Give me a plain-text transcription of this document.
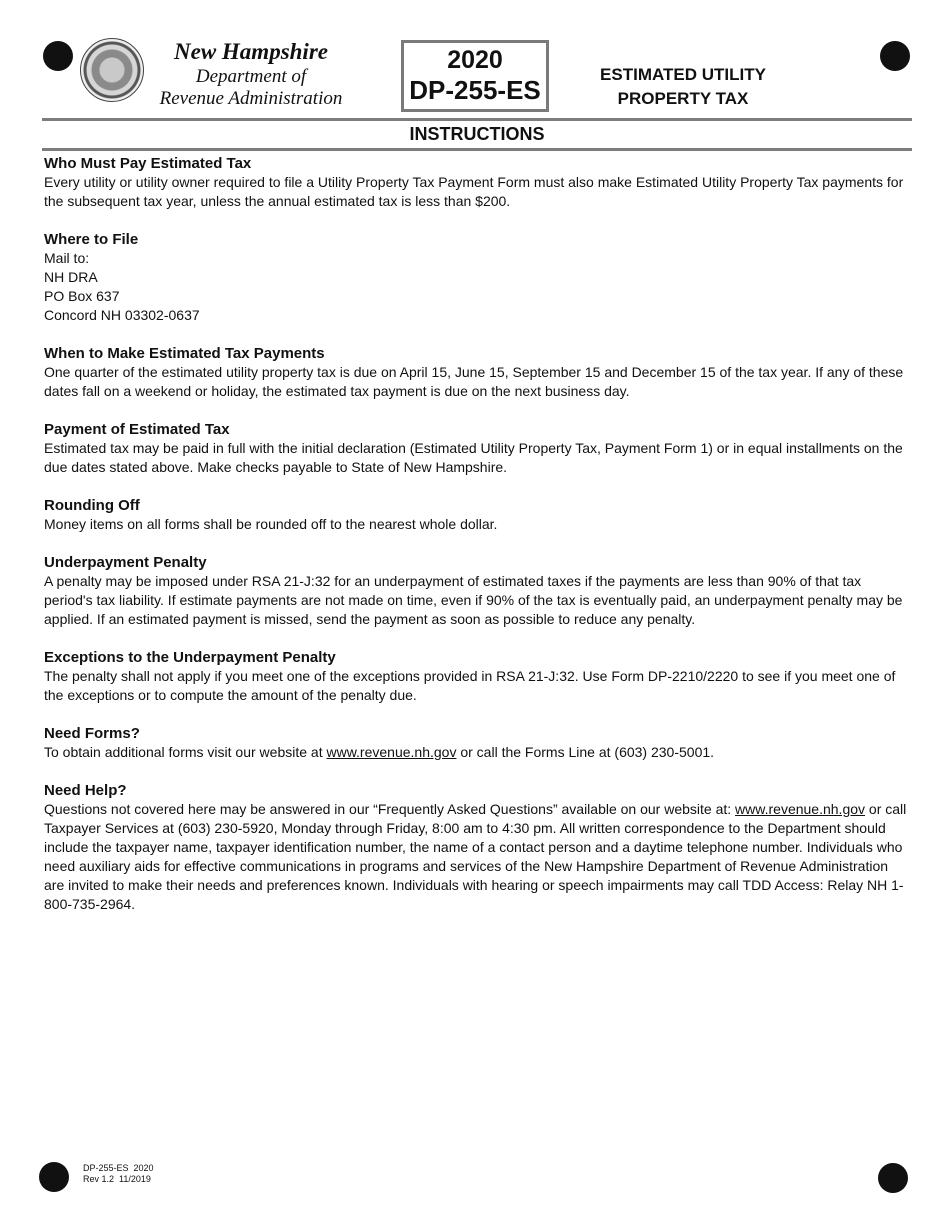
New Hampshire
Department of
Revenue Administration
2020
DP-255-ES
ESTIMATED UTILITY
PROPERTY TAX
INSTRUCTIONS
Who Must Pay Estimated Tax

Every utility or utility owner required to file a Utility Property Tax Payment Form must also make Estimated Utility Property Tax payments for the subsequent tax year, unless the annual estimated tax is less than $200.

Where to File

Mail to:

NH DRA

PO Box 637

Concord NH 03302-0637

When to Make Estimated Tax Payments

One quarter of the estimated utility property tax is due on April 15, June 15, September 15 and December 15 of the tax year. If any of these dates fall on a weekend or holiday, the estimated tax payment is due on the next business day.

Payment of Estimated Tax

Estimated tax may be paid in full with the initial declaration (Estimated Utility Property Tax, Payment Form 1) or in equal installments on the due dates stated above. Make checks payable to State of New Hampshire.

Rounding Off

Money items on all forms shall be rounded off to the nearest whole dollar.

Underpayment Penalty

A penalty may be imposed under RSA 21-J:32 for an underpayment of estimated taxes if the payments are less than 90% of that tax period's tax liability. If estimate payments are not made on time, even if 90% of the tax is eventually paid, an underpayment penalty may be applied. If an estimated payment is missed, send the payment as soon as possible to reduce any penalty.

Exceptions to the Underpayment Penalty

The penalty shall not apply if you meet one of the exceptions provided in RSA 21-J:32. Use Form DP-2210/2220 to see if you meet one of the exceptions or to compute the amount of the penalty due.

Need Forms?

To obtain additional forms visit our website at www.revenue.nh.gov or call the Forms Line at (603) 230-5001.

Need Help?

Questions not covered here may be answered in our “Frequently Asked Questions” available on our website at: www.revenue.nh.gov or call Taxpayer Services at (603) 230-5920, Monday through Friday, 8:00 am to 4:30 pm. All written correspondence to the Department should include the taxpayer name, taxpayer identification number, the name of a contact person and a daytime telephone number. Individuals who need auxiliary aids for effective communications in programs and services of the New Hampshire Department of Revenue Administration are invited to make their needs and preferences known. Individuals with hearing or speech impairments may call TDD Access: Relay NH 1-800-735-2964.

DP-255-ES  2020
Rev 1.2  11/2019
